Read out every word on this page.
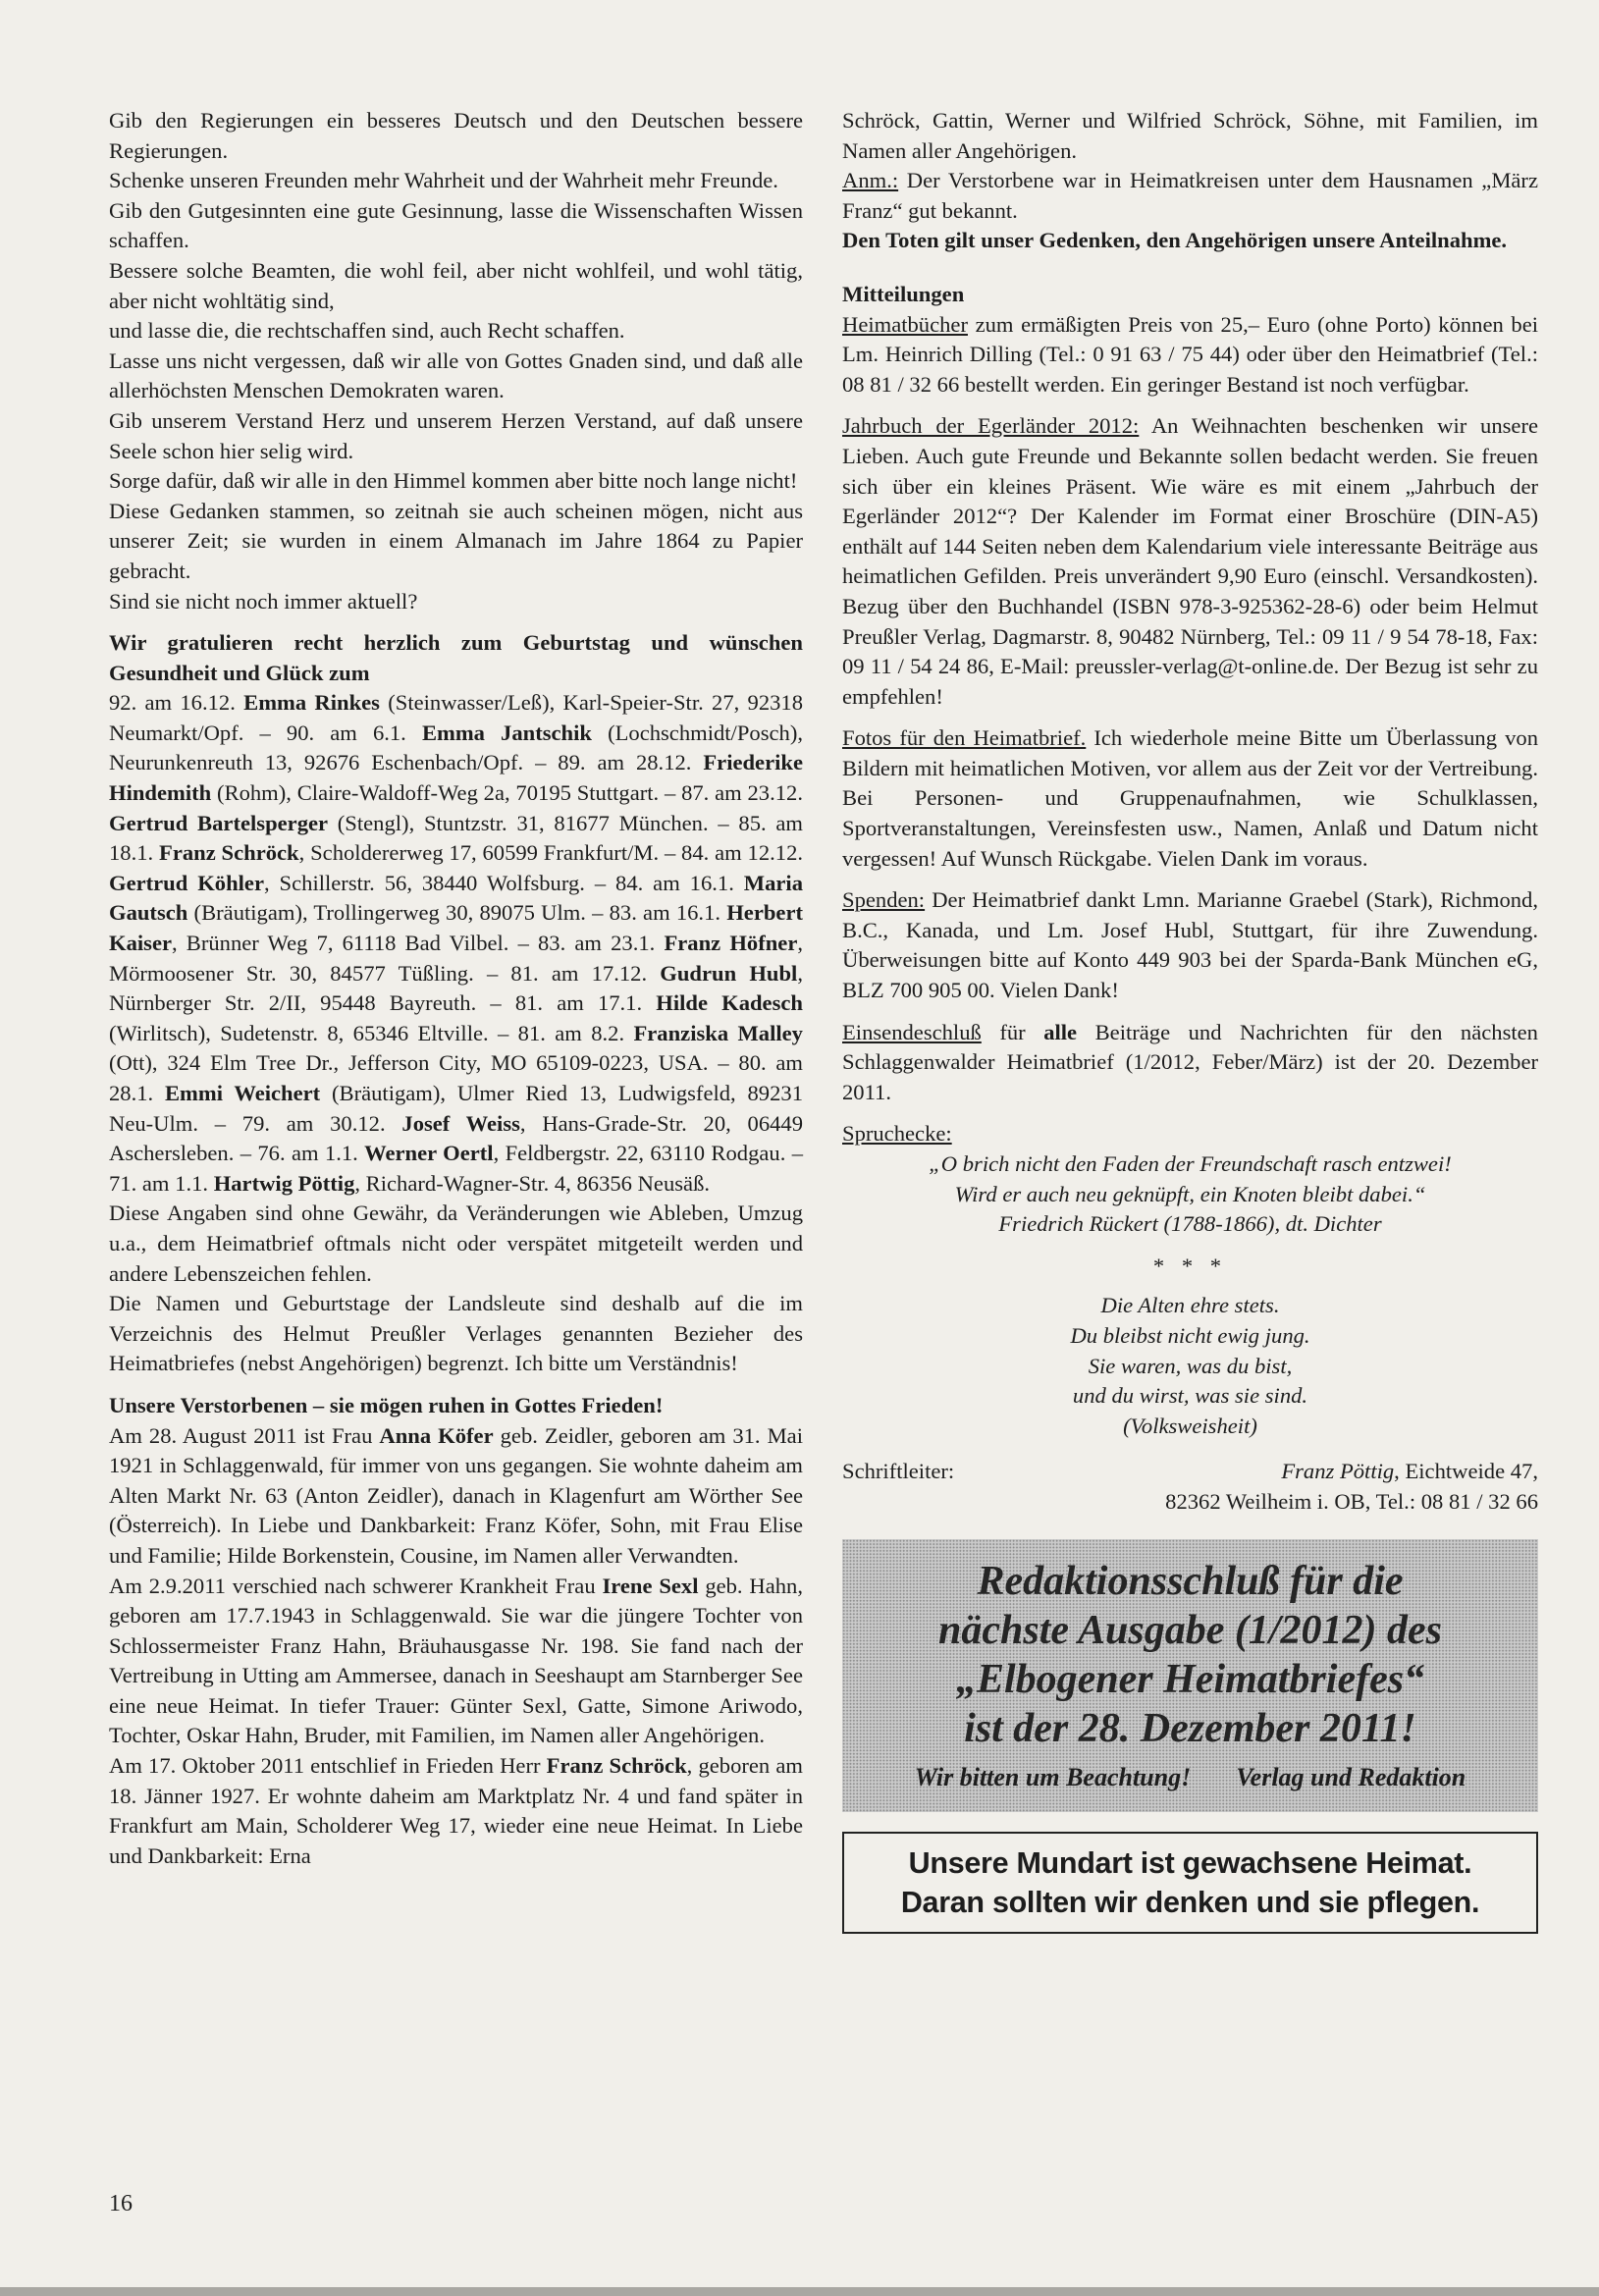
Gib den Regierungen ein besseres Deutsch und den Deutschen bessere Regierungen.

Schenke unseren Freunden mehr Wahrheit und der Wahrheit mehr Freunde.

Gib den Gutgesinnten eine gute Gesinnung, lasse die Wissenschaften Wissen schaffen.

Bessere solche Beamten, die wohl feil, aber nicht wohlfeil, und wohl tätig, aber nicht wohltätig sind,

und lasse die, die rechtschaffen sind, auch Recht schaffen.

Lasse uns nicht vergessen, daß wir alle von Gottes Gnaden sind, und daß alle allerhöchsten Menschen Demokraten waren.

Gib unserem Verstand Herz und unserem Herzen Verstand, auf daß unsere Seele schon hier selig wird.

Sorge dafür, daß wir alle in den Himmel kommen aber bitte noch lange nicht!

Diese Gedanken stammen, so zeitnah sie auch scheinen mögen, nicht aus unserer Zeit; sie wurden in einem Almanach im Jahre 1864 zu Papier gebracht.

Sind sie nicht noch immer aktuell?

Wir gratulieren recht herzlich zum Geburtstag und wünschen Gesundheit und Glück zum

92. am 16.12. Emma Rinkes (Steinwasser/Leß), Karl-Speier-Str. 27, 92318 Neumarkt/Opf. – 90. am 6.1. Emma Jantschik (Lochschmidt/Posch), Neurunkenreuth 13, 92676 Eschenbach/Opf. – 89. am 28.12. Friederike Hindemith (Rohm), Claire-Waldoff-Weg 2a, 70195 Stuttgart. – 87. am 23.12. Gertrud Bartelsperger (Stengl), Stuntzstr. 31, 81677 München. – 85. am 18.1. Franz Schröck, Scholdererweg 17, 60599 Frankfurt/M. – 84. am 12.12. Gertrud Köhler, Schillerstr. 56, 38440 Wolfsburg. – 84. am 16.1. Maria Gautsch (Bräutigam), Trollingerweg 30, 89075 Ulm. – 83. am 16.1. Herbert Kaiser, Brünner Weg 7, 61118 Bad Vilbel. – 83. am 23.1. Franz Höfner, Mörmoosener Str. 30, 84577 Tüßling. – 81. am 17.12. Gudrun Hubl, Nürnberger Str. 2/II, 95448 Bayreuth. – 81. am 17.1. Hilde Kadesch (Wirlitsch), Sudetenstr. 8, 65346 Eltville. – 81. am 8.2. Franziska Malley (Ott), 324 Elm Tree Dr., Jefferson City, MO 65109-0223, USA. – 80. am 28.1. Emmi Weichert (Bräutigam), Ulmer Ried 13, Ludwigsfeld, 89231 Neu-Ulm. – 79. am 30.12. Josef Weiss, Hans-Grade-Str. 20, 06449 Aschersleben. – 76. am 1.1. Werner Oertl, Feldbergstr. 22, 63110 Rodgau. – 71. am 1.1. Hartwig Pöttig, Richard-Wagner-Str. 4, 86356 Neusäß.

Diese Angaben sind ohne Gewähr, da Veränderungen wie Ableben, Umzug u.a., dem Heimatbrief oftmals nicht oder verspätet mitgeteilt werden und andere Lebenszeichen fehlen.

Die Namen und Geburtstage der Landsleute sind deshalb auf die im Verzeichnis des Helmut Preußler Verlages genannten Bezieher des Heimatbriefes (nebst Angehörigen) begrenzt. Ich bitte um Verständnis!

Unsere Verstorbenen – sie mögen ruhen in Gottes Frieden!

Am 28. August 2011 ist Frau Anna Köfer geb. Zeidler, geboren am 31. Mai 1921 in Schlaggenwald, für immer von uns gegangen. Sie wohnte daheim am Alten Markt Nr. 63 (Anton Zeidler), danach in Klagenfurt am Wörther See (Österreich). In Liebe und Dankbarkeit: Franz Köfer, Sohn, mit Frau Elise und Familie; Hilde Borkenstein, Cousine, im Namen aller Verwandten.

Am 2.9.2011 verschied nach schwerer Krankheit Frau Irene Sexl geb. Hahn, geboren am 17.7.1943 in Schlaggenwald. Sie war die jüngere Tochter von Schlossermeister Franz Hahn, Bräuhausgasse Nr. 198. Sie fand nach der Vertreibung in Utting am Ammersee, danach in Seeshaupt am Starnberger See eine neue Heimat. In tiefer Trauer: Günter Sexl, Gatte, Simone Ariwodo, Tochter, Oskar Hahn, Bruder, mit Familien, im Namen aller Angehörigen.

Am 17. Oktober 2011 entschlief in Frieden Herr Franz Schröck, geboren am 18. Jänner 1927. Er wohnte daheim am Marktplatz Nr. 4 und fand später in Frankfurt am Main, Scholderer Weg 17, wieder eine neue Heimat. In Liebe und Dankbarkeit: Erna

Schröck, Gattin, Werner und Wilfried Schröck, Söhne, mit Familien, im Namen aller Angehörigen.

Anm.: Der Verstorbene war in Heimatkreisen unter dem Hausnamen „März Franz“ gut bekannt.

Den Toten gilt unser Gedenken, den Angehörigen unsere Anteilnahme.

Mitteilungen

Heimatbücher zum ermäßigten Preis von 25,– Euro (ohne Porto) können bei Lm. Heinrich Dilling (Tel.: 0 91 63 / 75 44) oder über den Heimatbrief (Tel.: 08 81 / 32 66 bestellt werden. Ein geringer Bestand ist noch verfügbar.

Jahrbuch der Egerländer 2012: An Weihnachten beschenken wir unsere Lieben. Auch gute Freunde und Bekannte sollen bedacht werden. Sie freuen sich über ein kleines Präsent. Wie wäre es mit einem „Jahrbuch der Egerländer 2012“? Der Kalender im Format einer Broschüre (DIN-A5) enthält auf 144 Seiten neben dem Kalendarium viele interessante Beiträge aus heimatlichen Gefilden. Preis unverändert 9,90 Euro (einschl. Versandkosten). Bezug über den Buchhandel (ISBN 978-3-925362-28-6) oder beim Helmut Preußler Verlag, Dagmarstr. 8, 90482 Nürnberg, Tel.: 09 11 / 9 54 78-18, Fax: 09 11 / 54 24 86, E-Mail: preussler-verlag@t-online.de. Der Bezug ist sehr zu empfehlen!

Fotos für den Heimatbrief. Ich wiederhole meine Bitte um Überlassung von Bildern mit heimatlichen Motiven, vor allem aus der Zeit vor der Vertreibung. Bei Personen- und Gruppenaufnahmen, wie Schulklassen, Sportveranstaltungen, Vereinsfesten usw., Namen, Anlaß und Datum nicht vergessen! Auf Wunsch Rückgabe. Vielen Dank im voraus.

Spenden: Der Heimatbrief dankt Lmn. Marianne Graebel (Stark), Richmond, B.C., Kanada, und Lm. Josef Hubl, Stuttgart, für ihre Zuwendung. Überweisungen bitte auf Konto 449 903 bei der Sparda-Bank München eG, BLZ 700 905 00. Vielen Dank!

Einsendeschluß für alle Beiträge und Nachrichten für den nächsten Schlaggenwalder Heimatbrief (1/2012, Feber/März) ist der 20. Dezember 2011.

Spruchecke:

„O brich nicht den Faden der Freundschaft rasch entzwei!

Wird er auch neu geknüpft, ein Knoten bleibt dabei.“

Friedrich Rückert (1788-1866), dt. Dichter

* * *

Die Alten ehre stets.

Du bleibst nicht ewig jung.

Sie waren, was du bist,

und du wirst, was sie sind.

(Volksweisheit)

Schriftleiter:	Franz Pöttig, Eichtweide 47,

82362 Weilheim i. OB, Tel.: 08 81 / 32 66

Redaktionsschluß für die
nächste Ausgabe (1/2012) des
„Elbogener Heimatbriefes“
ist der 28. Dezember 2011!
Wir bitten um Beachtung! Verlag und Redaktion
Unsere Mundart ist gewachsene Heimat.
Daran sollten wir denken und sie pflegen.
16
